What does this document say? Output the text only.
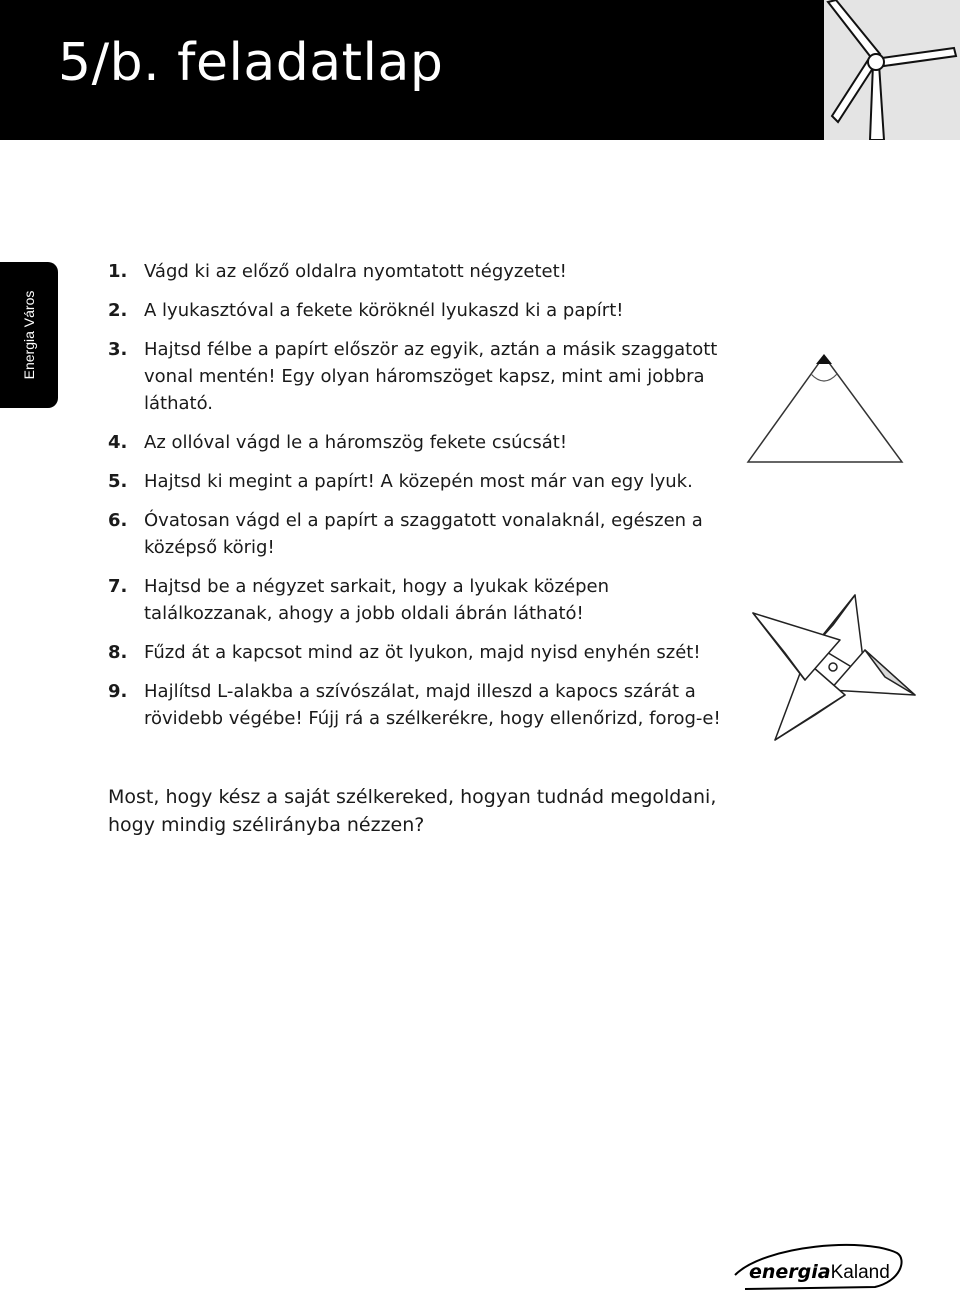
5/b. feladatlap
Energia Város
1. Vágd ki az előző oldalra nyomtatott négyzetet!
2. A lyukasztóval a fekete köröknél lyukaszd ki a papírt!
3. Hajtsd félbe a papírt először az egyik, aztán a másik szaggatott vonal mentén! Egy olyan háromszöget kapsz, mint ami jobbra látható.
4. Az ollóval vágd le a háromszög fekete csúcsát!
5. Hajtsd ki megint a papírt! A közepén most már van egy lyuk.
6. Óvatosan vágd el a papírt a szaggatott vonalaknál, egészen a középső körig!
7. Hajtsd be a négyzet sarkait, hogy a lyukak középen találkozzanak, ahogy a jobb oldali ábrán látható!
8. Fűzd át a kapcsot mind az öt lyukon, majd nyisd enyhén szét!
9. Hajlítsd L-alakba a szívószálat, majd illeszd a kapocs szárát a rövidebb végébe! Fújj rá a szélkerékre, hogy ellenőrizd, forog-e!
Most, hogy kész a saját szélkereked, hogyan tudnád megoldani, hogy mindig szélirányba nézzen?
energiaKaland
